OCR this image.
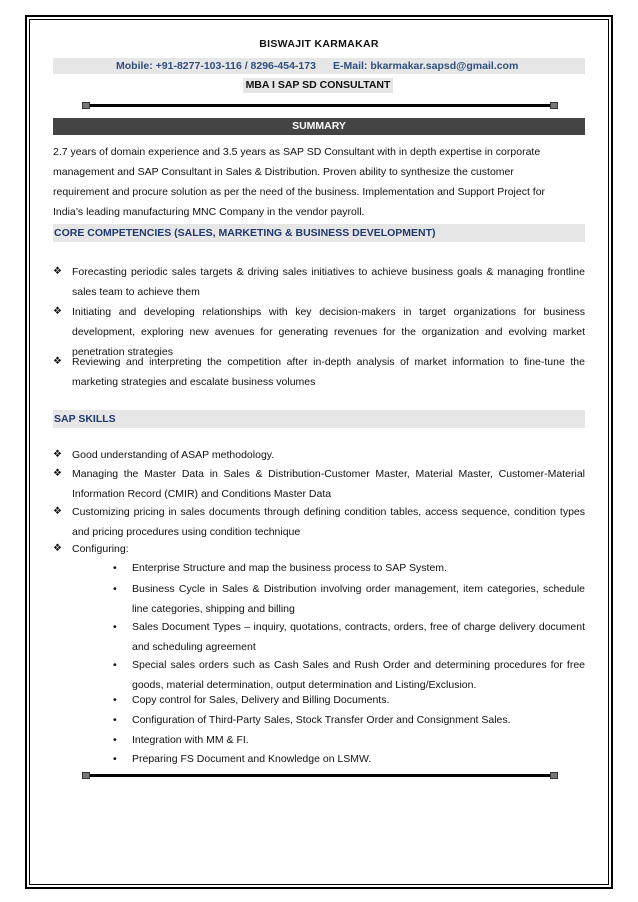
BISWAJIT KARMAKAR
Mobile: +91-8277-103-116 / 8296-454-173 E-Mail: bkarmakar.sapsd@gmail.com
MBA I SAP SD CONSULTANT
SUMMARY
2.7 years of domain experience and 3.5 years as SAP SD Consultant with in depth expertise in corporate
management and SAP Consultant in Sales & Distribution. Proven ability to synthesize the customer
requirement and procure solution as per the need of the business. Implementation and Support Project for
India’s leading manufacturing MNC Company in the vendor payroll.
CORE COMPETENCIES (SALES, MARKETING & BUSINESS DEVELOPMENT)
❖ Forecasting periodic sales targets & driving sales initiatives to achieve business goals & managing frontline sales team to achieve them
❖ Initiating and developing relationships with key decision-makers in target organizations for business development, exploring new avenues for generating revenues for the organization and evolving market penetration strategies
❖ Reviewing and interpreting the competition after in-depth analysis of market information to fine-tune the marketing strategies and escalate business volumes
SAP SKILLS
❖ Good understanding of ASAP methodology.
❖ Managing the Master Data in Sales & Distribution-Customer Master, Material Master, Customer-Material Information Record (CMIR) and Conditions Master Data
❖ Customizing pricing in sales documents through defining condition tables, access sequence, condition types and pricing procedures using condition technique
❖ Configuring:
• Enterprise Structure and map the business process to SAP System.
• Business Cycle in Sales & Distribution involving order management, item categories, schedule line categories, shipping and billing
• Sales Document Types – inquiry, quotations, contracts, orders, free of charge delivery document and scheduling agreement
• Special sales orders such as Cash Sales and Rush Order and determining procedures for free goods, material determination, output determination and Listing/Exclusion.
• Copy control for Sales, Delivery and Billing Documents.
• Configuration of Third-Party Sales, Stock Transfer Order and Consignment Sales.
• Integration with MM & FI.
• Preparing FS Document and Knowledge on LSMW.
